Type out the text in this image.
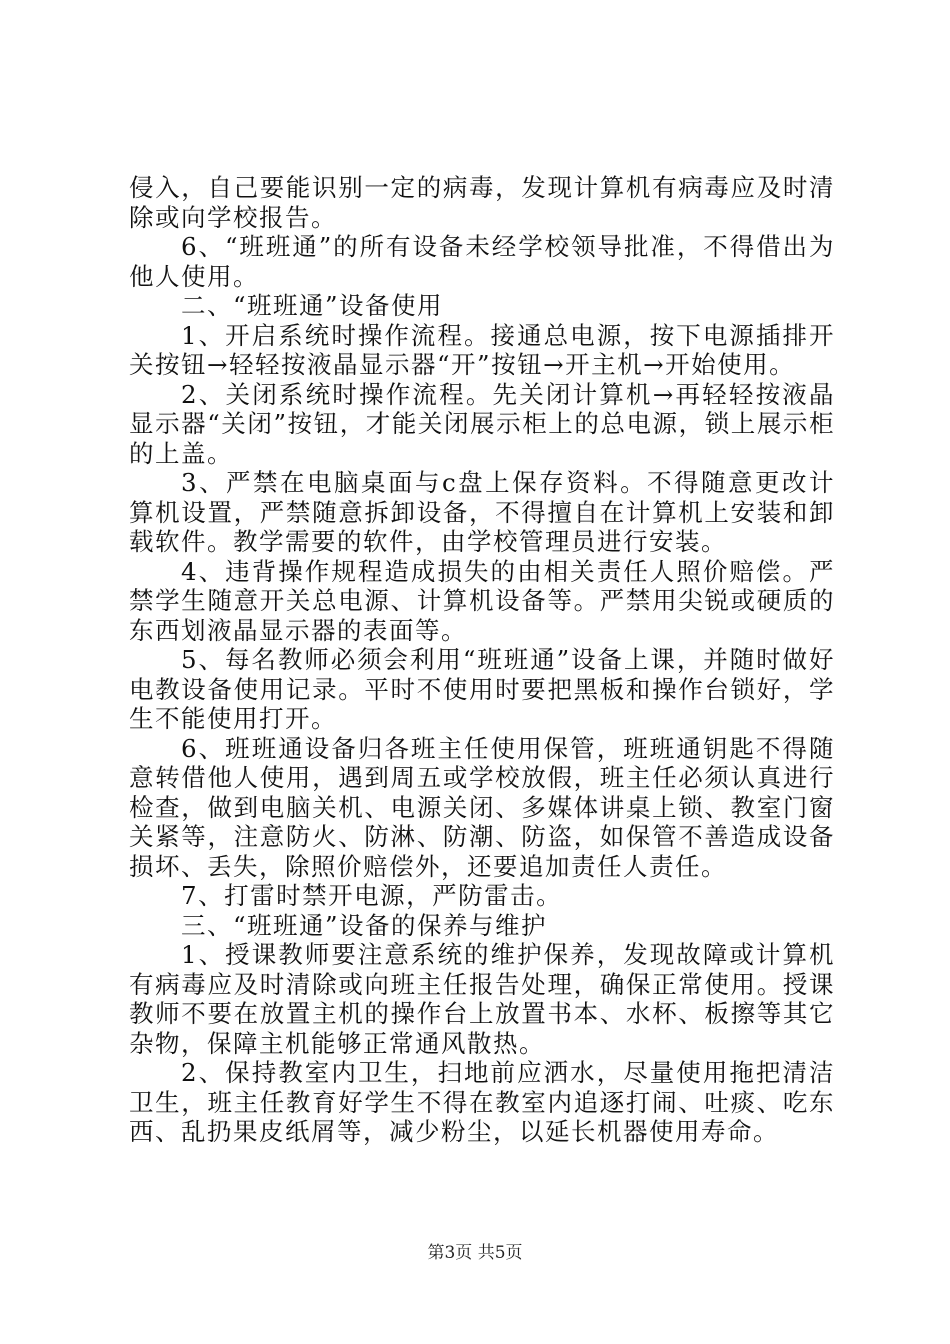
侵入，自己要能识别一定的病毒，发现计算机有病毒应及时清除或向学校报告。

6、“班班通”的所有设备未经学校领导批准，不得借出为他人使用。

二、“班班通”设备使用

1、开启系统时操作流程。接通总电源，按下电源插排开关按钮→轻轻按液晶显示器“开”按钮→开主机→开始使用。

2、关闭系统时操作流程。先关闭计算机→再轻轻按液晶显示器“关闭”按钮，才能关闭展示柜上的总电源，锁上展示柜的上盖。

3、严禁在电脑桌面与c盘上保存资料。不得随意更改计算机设置，严禁随意拆卸设备，不得擅自在计算机上安装和卸载软件。教学需要的软件，由学校管理员进行安装。

4、违背操作规程造成损失的由相关责任人照价赔偿。严禁学生随意开关总电源、计算机设备等。严禁用尖锐或硬质的东西划液晶显示器的表面等。

5、每名教师必须会利用“班班通”设备上课，并随时做好电教设备使用记录。平时不使用时要把黑板和操作台锁好，学生不能使用打开。

6、班班通设备归各班主任使用保管，班班通钥匙不得随意转借他人使用，遇到周五或学校放假，班主任必须认真进行检查，做到电脑关机、电源关闭、多媒体讲桌上锁、教室门窗关紧等，注意防火、防淋、防潮、防盗，如保管不善造成设备损坏、丢失，除照价赔偿外，还要追加责任人责任。

7、打雷时禁开电源，严防雷击。

三、“班班通”设备的保养与维护

1、授课教师要注意系统的维护保养，发现故障或计算机有病毒应及时清除或向班主任报告处理，确保正常使用。授课教师不要在放置主机的操作台上放置书本、水杯、板擦等其它杂物，保障主机能够正常通风散热。

2、保持教室内卫生，扫地前应洒水，尽量使用拖把清洁卫生，班主任教育好学生不得在教室内追逐打闹、吐痰、吃东西、乱扔果皮纸屑等，减少粉尘，以延长机器使用寿命。

第3页 共5页
